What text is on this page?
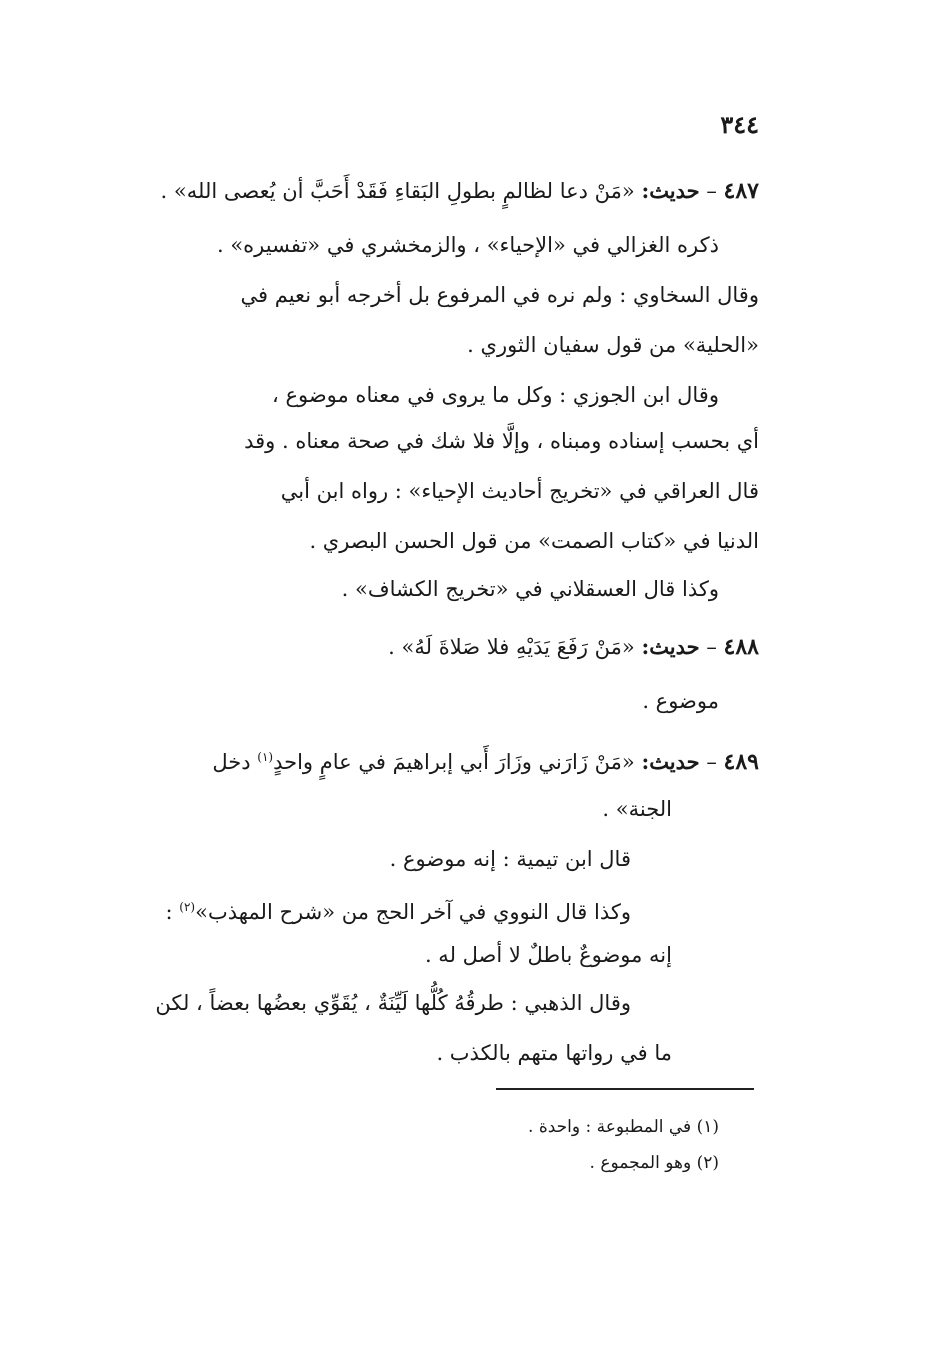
٣٤٤
٤٨٧ – حديث: «مَنْ دعا لظالمٍ بطولِ البَقاءِ فَقَدْ أَحَبَّ أن يُعصى الله» .
ذكره الغزالي في «الإحياء» ، والزمخشري في «تفسيره» .
وقال السخاوي : ولم نره في المرفوع بل أخرجه أبو نعيم في
«الحلية» من قول سفيان الثوري .
وقال ابن الجوزي : وكل ما يروى في معناه موضوع ،
أي بحسب إسناده ومبناه ، وإلَّا فلا شك في صحة معناه . وقد
قال العراقي في «تخريج أحاديث الإحياء» : رواه ابن أبي
الدنيا في «كتاب الصمت» من قول الحسن البصري .
وكذا قال العسقلاني في «تخريج الكشاف» .
٤٨٨ – حديث: «مَنْ رَفَعَ يَدَيْهِ فلا صَلاةَ لَهُ» .
موضوع .
٤٨٩ – حديث: «مَنْ زَارَني وزَارَ أَبي إبراهيمَ في عامٍ واحدٍ$^{(١)}$ دخل
الجنة» .
قال ابن تيمية : إنه موضوع .
وكذا قال النووي في آخر الحج من «شرح المهذب»$^{(٢)}$ :
إنه موضوعٌ باطلٌ لا أصل له .
وقال الذهبي : طرقُهُ كُلُّها لَيِّنَةٌ ، يُقَوِّي بعضُها بعضاً ، لكن
ما في رواتها متهم بالكذب .
(١) في المطبوعة : واحدة .
(٢) وهو المجموع .
